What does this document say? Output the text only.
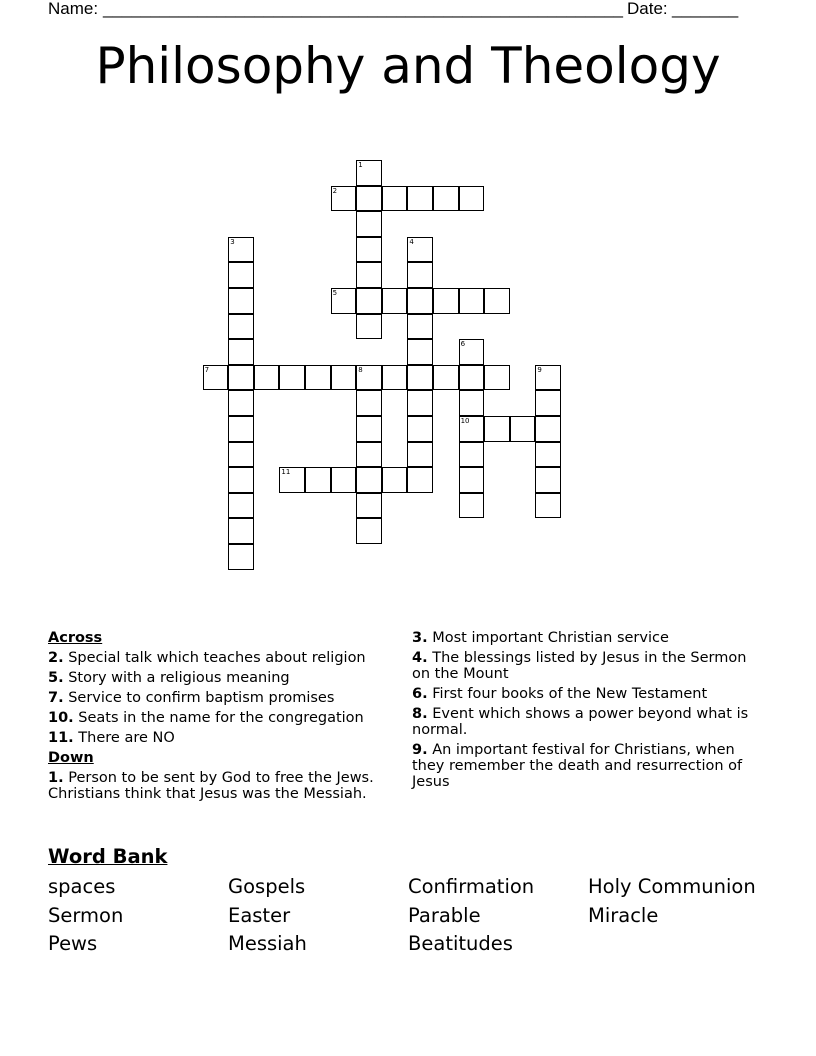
Name: _______________________________________________________ Date: _______
Philosophy and Theology
1
2
3	4
5
6
7	8	9
10
11
Across
2. Special talk which teaches about religion
5. Story with a religious meaning
7. Service to confirm baptism promises
10. Seats in the name for the congregation
11. There are NO
Down
1. Person to be sent by God to free the Jews. Christians think that Jesus was the Messiah.
3. Most important Christian service
4. The blessings listed by Jesus in the Sermon on the Mount
6. First four books of the New Testament
8. Event which shows a power beyond what is normal.
9. An important festival for Christians, when they remember the death and resurrection of Jesus
Word Bank
spaces	Gospels	Confirmation	Holy Communion
Sermon	Easter	Parable	Miracle
Pews	Messiah	Beatitudes
